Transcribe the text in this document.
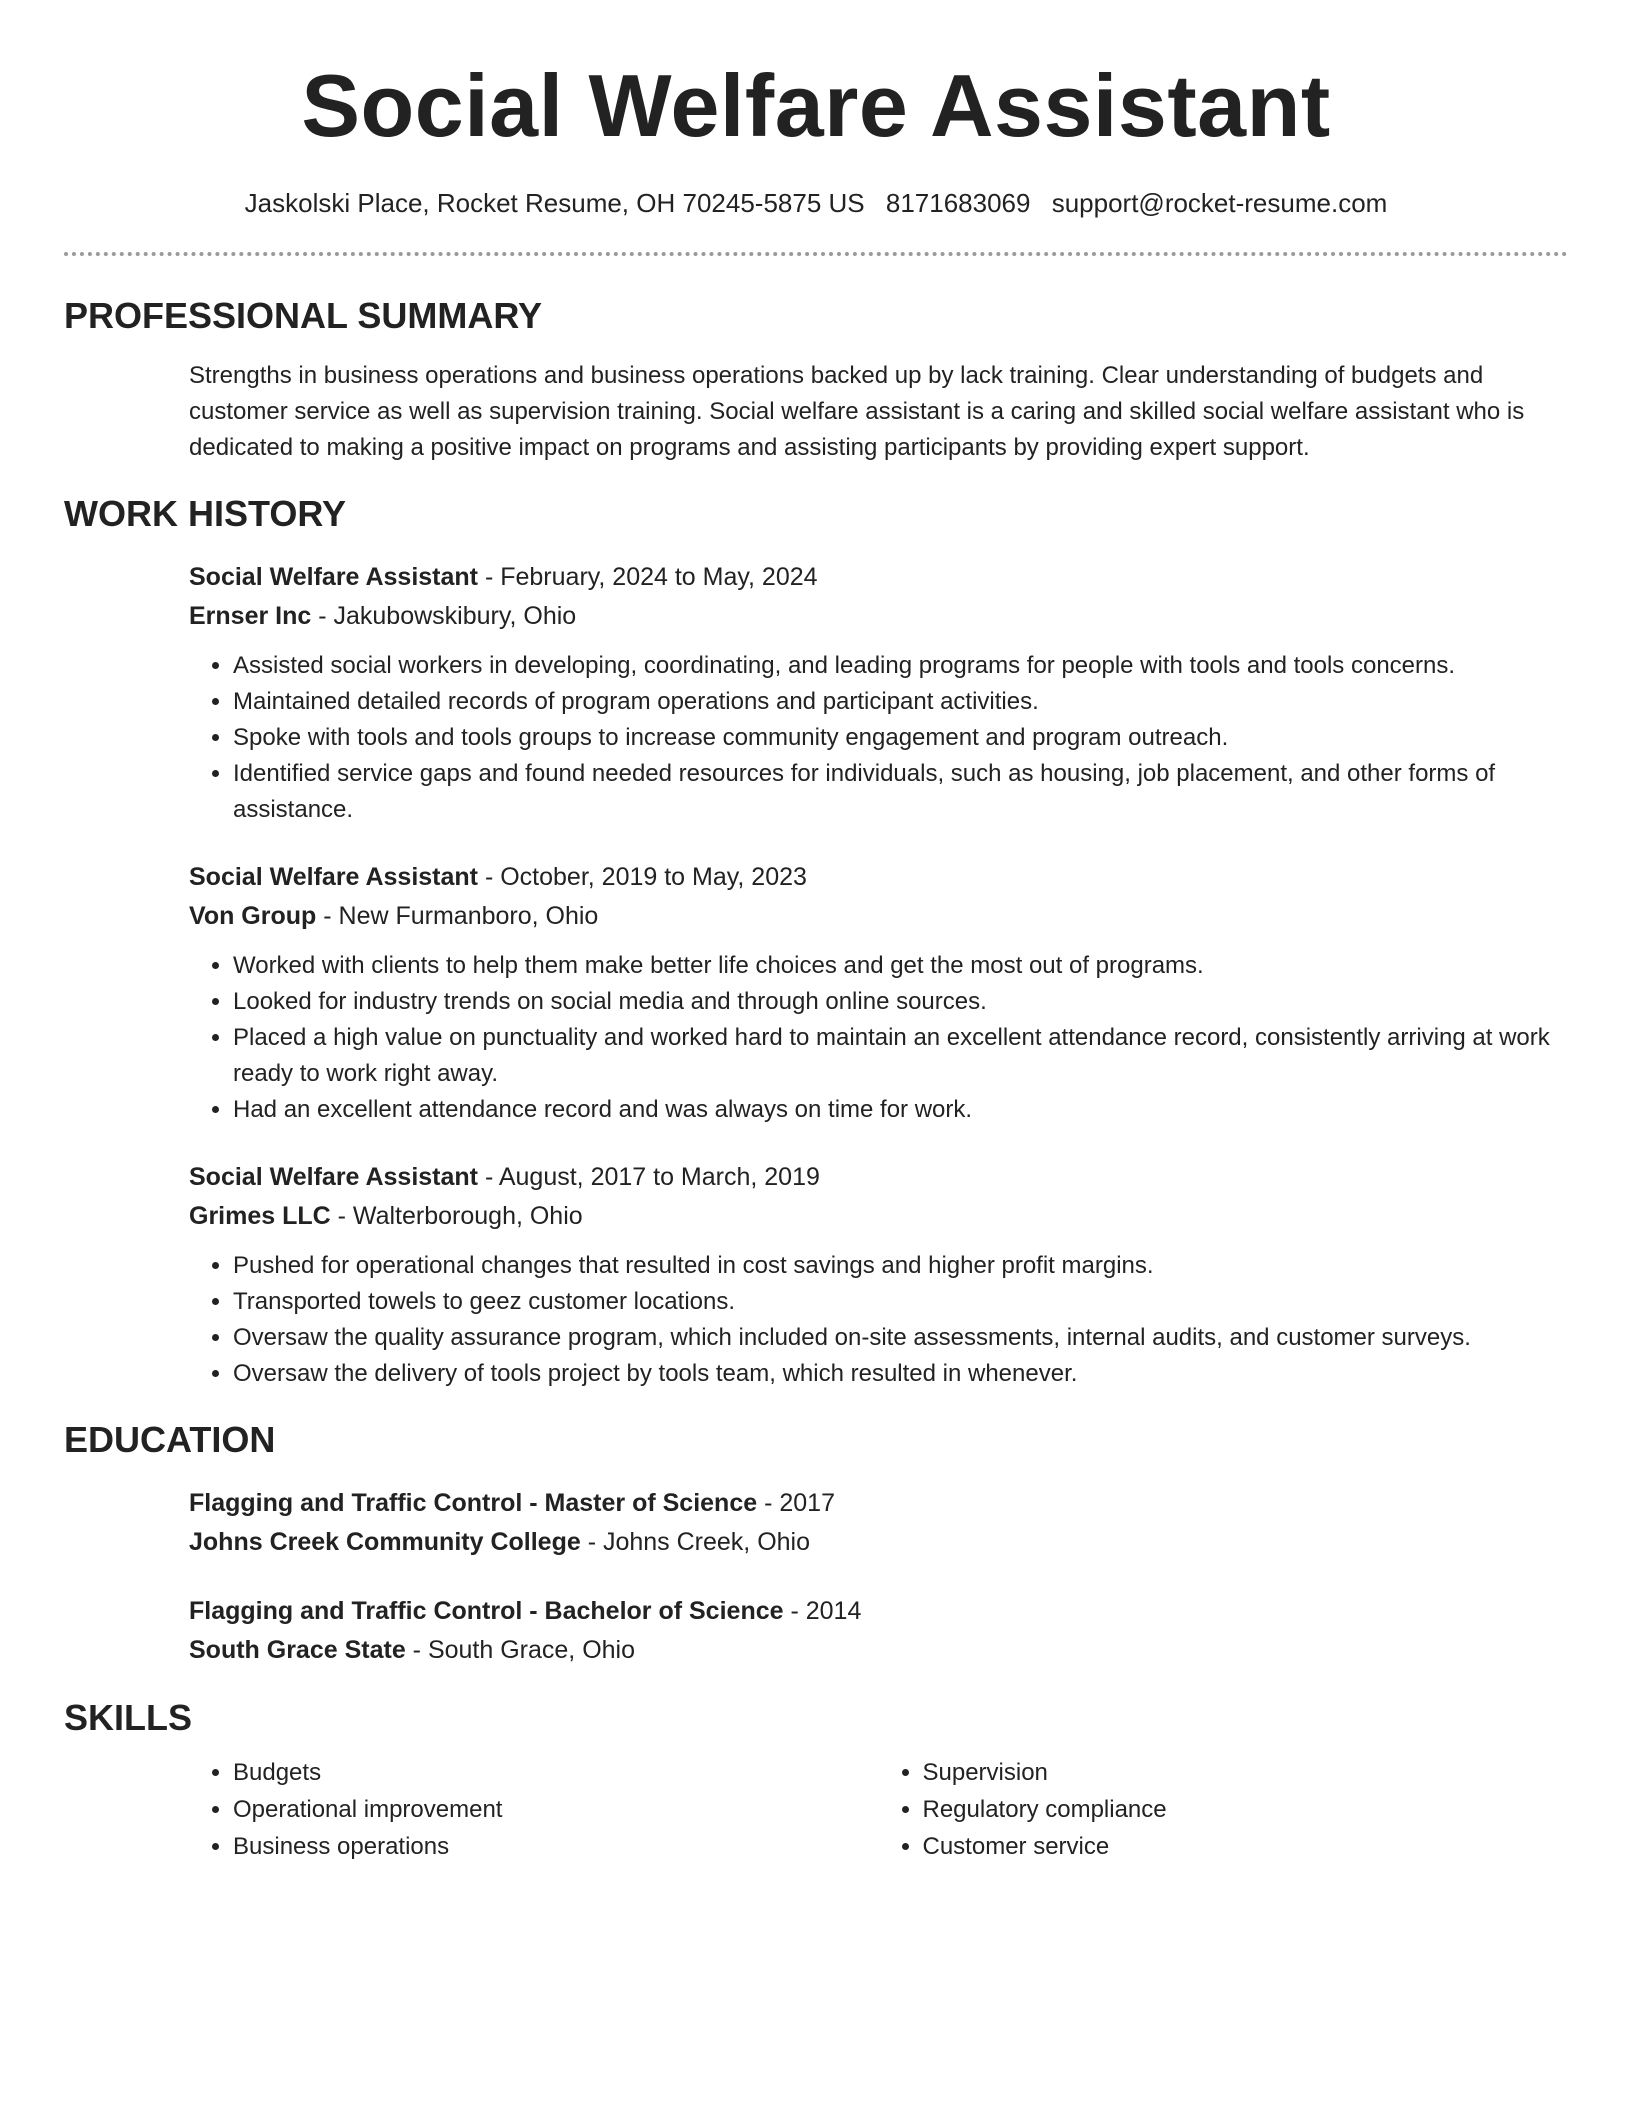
Social Welfare Assistant
Jaskolski Place, Rocket Resume, OH 70245-5875 US 8171683069 support@rocket-resume.com
PROFESSIONAL SUMMARY

Strengths in business operations and business operations backed up by lack training. Clear understanding of budgets and customer service as well as supervision training. Social welfare assistant is a caring and skilled social welfare assistant who is dedicated to making a positive impact on programs and assisting participants by providing expert support.

WORK HISTORY
Social Welfare Assistant - February, 2024 to May, 2024
Ernser Inc - Jakubowskibury, Ohio
• Assisted social workers in developing, coordinating, and leading programs for people with tools and tools concerns.
• Maintained detailed records of program operations and participant activities.
• Spoke with tools and tools groups to increase community engagement and program outreach.
• Identified service gaps and found needed resources for individuals, such as housing, job placement, and other forms of assistance.
Social Welfare Assistant - October, 2019 to May, 2023
Von Group - New Furmanboro, Ohio
• Worked with clients to help them make better life choices and get the most out of programs.
• Looked for industry trends on social media and through online sources.
• Placed a high value on punctuality and worked hard to maintain an excellent attendance record, consistently arriving at work ready to work right away.
• Had an excellent attendance record and was always on time for work.
Social Welfare Assistant - August, 2017 to March, 2019
Grimes LLC - Walterborough, Ohio
• Pushed for operational changes that resulted in cost savings and higher profit margins.
• Transported towels to geez customer locations.
• Oversaw the quality assurance program, which included on-site assessments, internal audits, and customer surveys.
• Oversaw the delivery of tools project by tools team, which resulted in whenever.
EDUCATION
Flagging and Traffic Control - Master of Science - 2017
Johns Creek Community College - Johns Creek, Ohio
Flagging and Traffic Control - Bachelor of Science - 2014
South Grace State - South Grace, Ohio
SKILLS
• Budgets
• Operational improvement
• Business operations
• Supervision
• Regulatory compliance
• Customer service
